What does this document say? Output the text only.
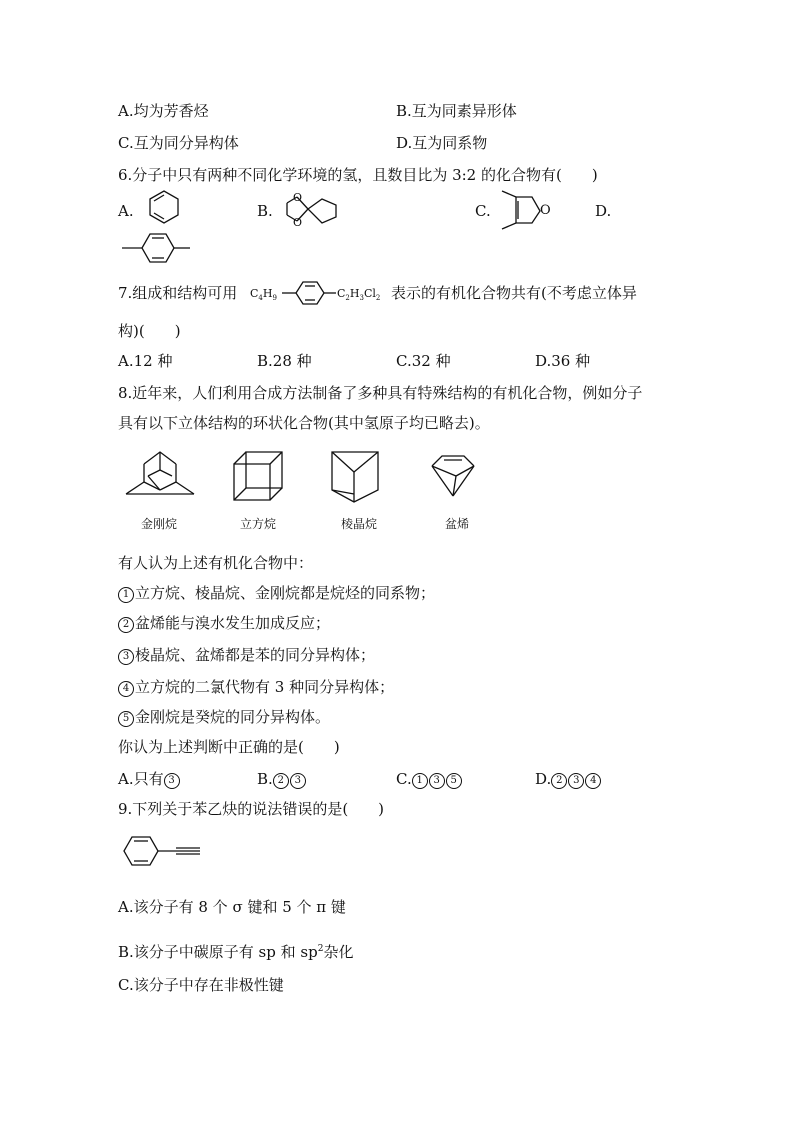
A.均为芳香烃	B.互为同素异形体
C.互为同分异构体	D.互为同系物
6.分子中只有两种不同化学环境的氢，且数目比为 3:2 的化合物有(　　)
A.	B.
O
O
C.	O	D.
7.组成和结构可用 $C_4H_9$	$C_2H_3Cl_2$ 表示的有机化合物共有(不考虑立体异
构)(　　)
A.12 种	B.28 种	C.32 种	D.36 种
8.近年来，人们利用合成方法制备了多种具有特殊结构的有机化合物，例如分子
具有以下立体结构的环状化合物(其中氢原子均已略去)。
金刚烷	立方烷	棱晶烷	盆烯
有人认为上述有机化合物中：
1 立方烷、棱晶烷、金刚烷都是烷烃的同系物；
2 盆烯能与溴水发生加成反应；
3 棱晶烷、盆烯都是苯的同分异构体；
4 立方烷的二氯代物有 3 种同分异构体；
5 金刚烷是癸烷的同分异构体。
你认为上述判断中正确的是(　　)
A.只有 3	B. 2 3	C. 1 3 5	D. 2 3 4
9.下列关于苯乙炔的说法错误的是(　　)
A.该分子有 8 个 σ 键和 5 个 π 键
B.该分子中碳原子有 sp 和 $sp^2$杂化
C.该分子中存在非极性键
